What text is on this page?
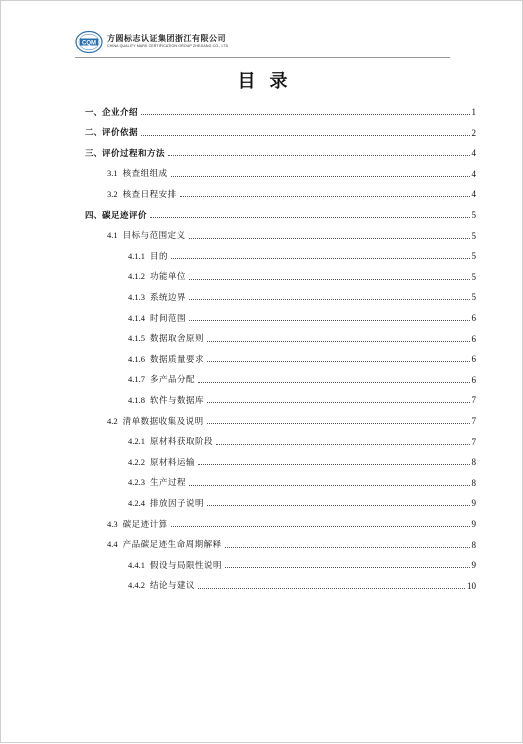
CQM
方圆标志认证集团浙江有限公司
CHINA QUALITY MARK CERTIFICATION GROUP ZHEJIANG CO., LTD
目录
一、企业介绍	1
二、评价依据	2
三、评价过程和方法	4
3.1 核查组组成	4
3.2 核查日程安排	4
四、碳足迹评价	5
4.1 目标与范围定义	5
4.1.1 目的	5
4.1.2 功能单位	5
4.1.3 系统边界	5
4.1.4 时间范围	6
4.1.5 数据取舍原则	6
4.1.6 数据质量要求	6
4.1.7 多产品分配	6
4.1.8 软件与数据库	7
4.2 清单数据收集及说明	7
4.2.1 原材料获取阶段	7
4.2.2 原材料运输	8
4.2.3 生产过程	8
4.2.4 排放因子说明	9
4.3 碳足迹计算	9
4.4 产品碳足迹生命周期解释	8
4.4.1 假设与局限性说明	9
4.4.2 结论与建议	10
